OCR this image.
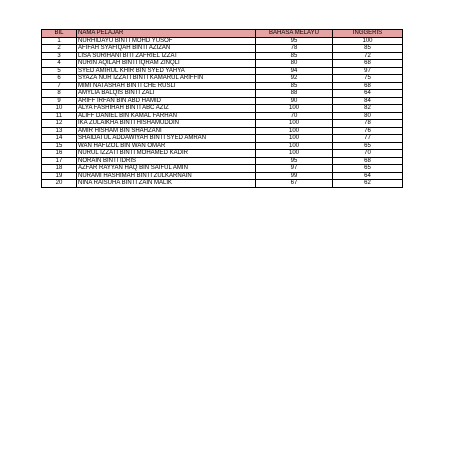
BIL	NAMA PELAJAR	BAHASA MELAYU	INGGERIS
1	NURHIDAYU BINTI MOHD YUSOF	95	100
2	AFIFAH SYAFIQAH BINTI AZIZAN	78	85
3	LISA SURIHANI BITI ZAFRIEL IZZAT	85	72
4	NURIN AQILAH BINTI IQRAM ZINQLI	80	68
5	SYED AMIRUL KHIR BIN SYED YAHYA	94	97
6	SYAZA NUR IZZATI BINTI KAMARUL ARIFFIN	92	75
7	MIMI NATASHAH BINTI CHE RUSLI	85	68
8	AMYLIA BALQIS BINTI ZALI	88	64
9	ARIFF IRFAN BIN ABD HAMID	90	84
10	ALYA FASHIHAH BINTI ABC AZIZ	100	82
11	ALIFF DANIEL BIN KAMAL FARHAN	70	80
12	IKA ZULAIKHA BINTI HISHAMUDDIN	100	78
13	AMIR HISHAM BIN SHAHZANI	100	76
14	SHAIDATUL ADDAWIYAH BINTI SYED AMRAN	100	77
15	WAN HAFIZOL BIN WAN OMAR	100	65
16	NURUL IZZATI BINTI MOHAMED KADIR	100	70
17	NORAIN BINTI IDRIS	95	68
18	AZFAR RAYYAN HAQ BIN SAIFUL AMIN	97	65
19	NURAMI HASHIMAH BINTI ZULKARNAIN	99	64
20	NINA RAISUHA BINTI ZAIN MALIK	67	62
